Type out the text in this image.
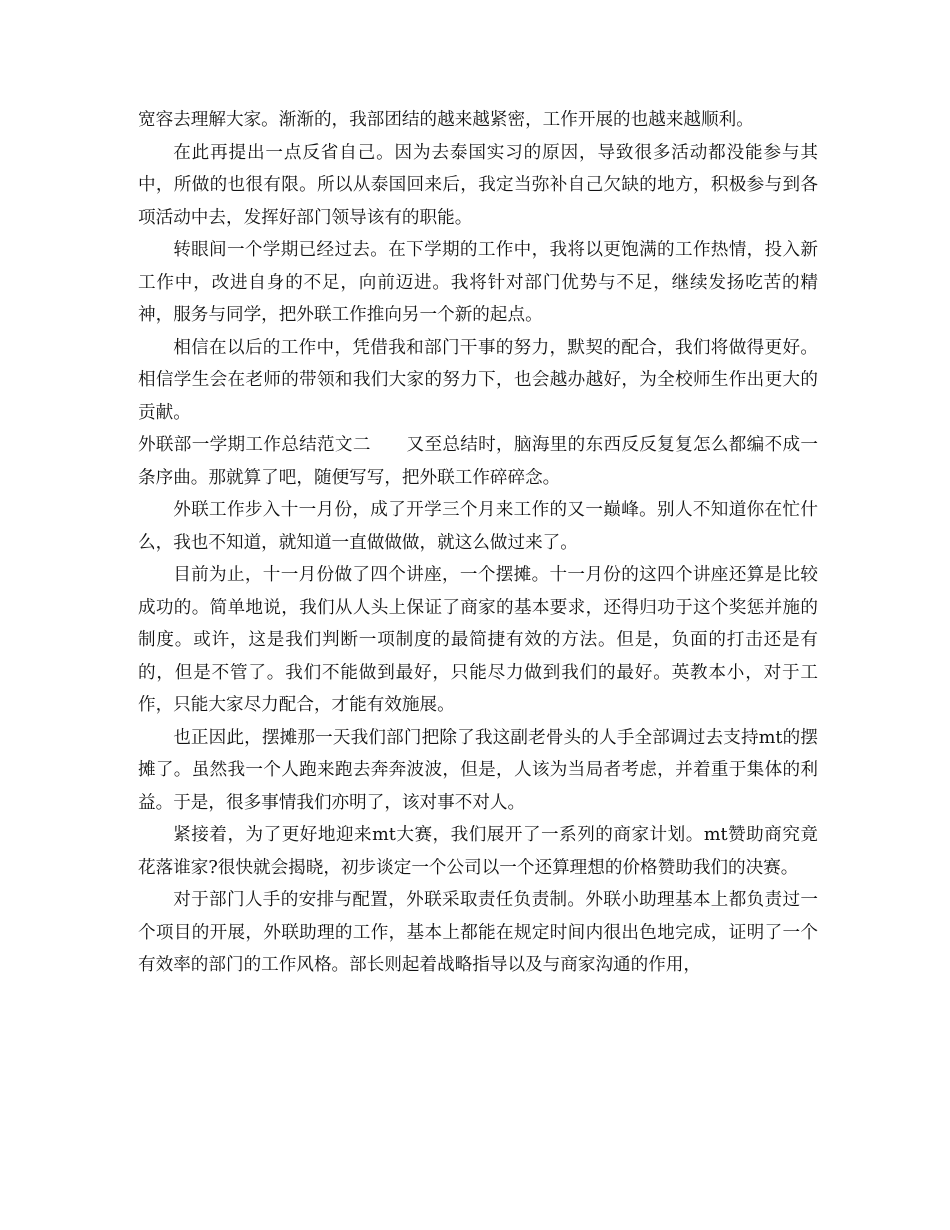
宽容去理解大家。渐渐的，我部团结的越来越紧密，工作开展的也越来越顺利。

在此再提出一点反省自己。因为去泰国实习的原因，导致很多活动都没能参与其中，所做的也很有限。所以从泰国回来后，我定当弥补自己欠缺的地方，积极参与到各项活动中去，发挥好部门领导该有的职能。

转眼间一个学期已经过去。在下学期的工作中，我将以更饱满的工作热情，投入新工作中，改进自身的不足，向前迈进。我将针对部门优势与不足，继续发扬吃苦的精神，服务与同学，把外联工作推向另一个新的起点。

相信在以后的工作中，凭借我和部门干事的努力，默契的配合，我们将做得更好。相信学生会在老师的带领和我们大家的努力下，也会越办越好，为全校师生作出更大的贡献。

外联部一学期工作总结范文二　　又至总结时，脑海里的东西反反复复怎么都编不成一条序曲。那就算了吧，随便写写，把外联工作碎碎念。

外联工作步入十一月份，成了开学三个月来工作的又一巅峰。别人不知道你在忙什么，我也不知道，就知道一直做做做，就这么做过来了。

目前为止，十一月份做了四个讲座，一个摆摊。十一月份的这四个讲座还算是比较成功的。简单地说，我们从人头上保证了商家的基本要求，还得归功于这个奖惩并施的制度。或许，这是我们判断一项制度的最简捷有效的方法。但是，负面的打击还是有的，但是不管了。我们不能做到最好，只能尽力做到我们的最好。英教本小，对于工作，只能大家尽力配合，才能有效施展。

也正因此，摆摊那一天我们部门把除了我这副老骨头的人手全部调过去支持mt的摆摊了。虽然我一个人跑来跑去奔奔波波，但是，人该为当局者考虑，并着重于集体的利益。于是，很多事情我们亦明了，该对事不对人。

紧接着，为了更好地迎来mt大赛，我们展开了一系列的商家计划。mt赞助商究竟花落谁家?很快就会揭晓，初步谈定一个公司以一个还算理想的价格赞助我们的决赛。

对于部门人手的安排与配置，外联采取责任负责制。外联小助理基本上都负责过一个项目的开展，外联助理的工作，基本上都能在规定时间内很出色地完成，证明了一个有效率的部门的工作风格。部长则起着战略指导以及与商家沟通的作用，
